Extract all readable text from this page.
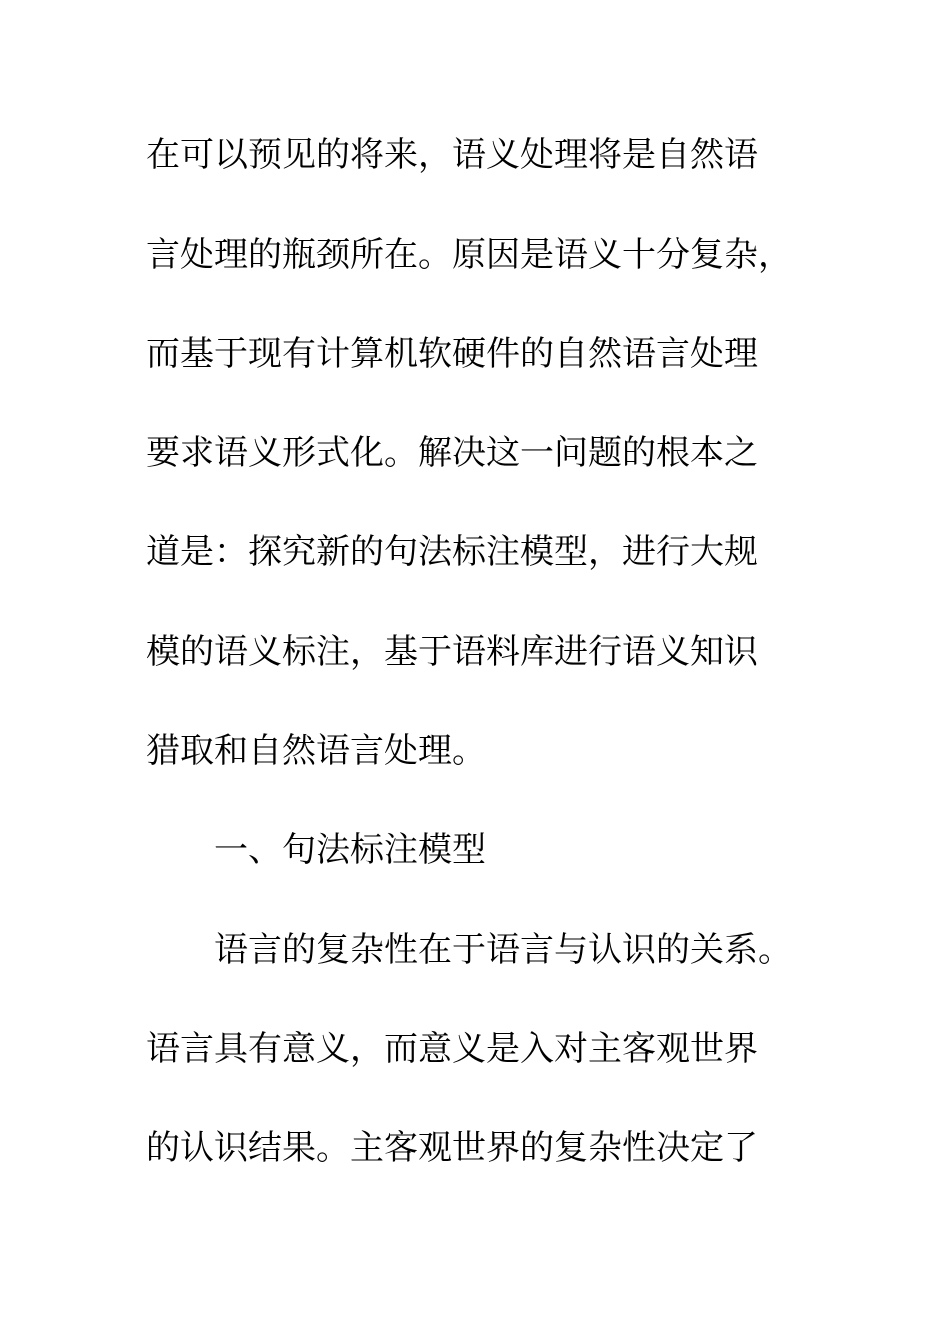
在可以预见的将来，语义处理将是自然语
言处理的瓶颈所在。原因是语义十分复杂，
而基于现有计算机软硬件的自然语言处理
要求语义形式化。解决这一问题的根本之
道是：探究新的句法标注模型，进行大规
模的语义标注，基于语料库进行语义知识
猎取和自然语言处理。
一、句法标注模型
语言的复杂性在于语言与认识的关系。
语言具有意义，而意义是入对主客观世界
的认识结果。主客观世界的复杂性决定了
